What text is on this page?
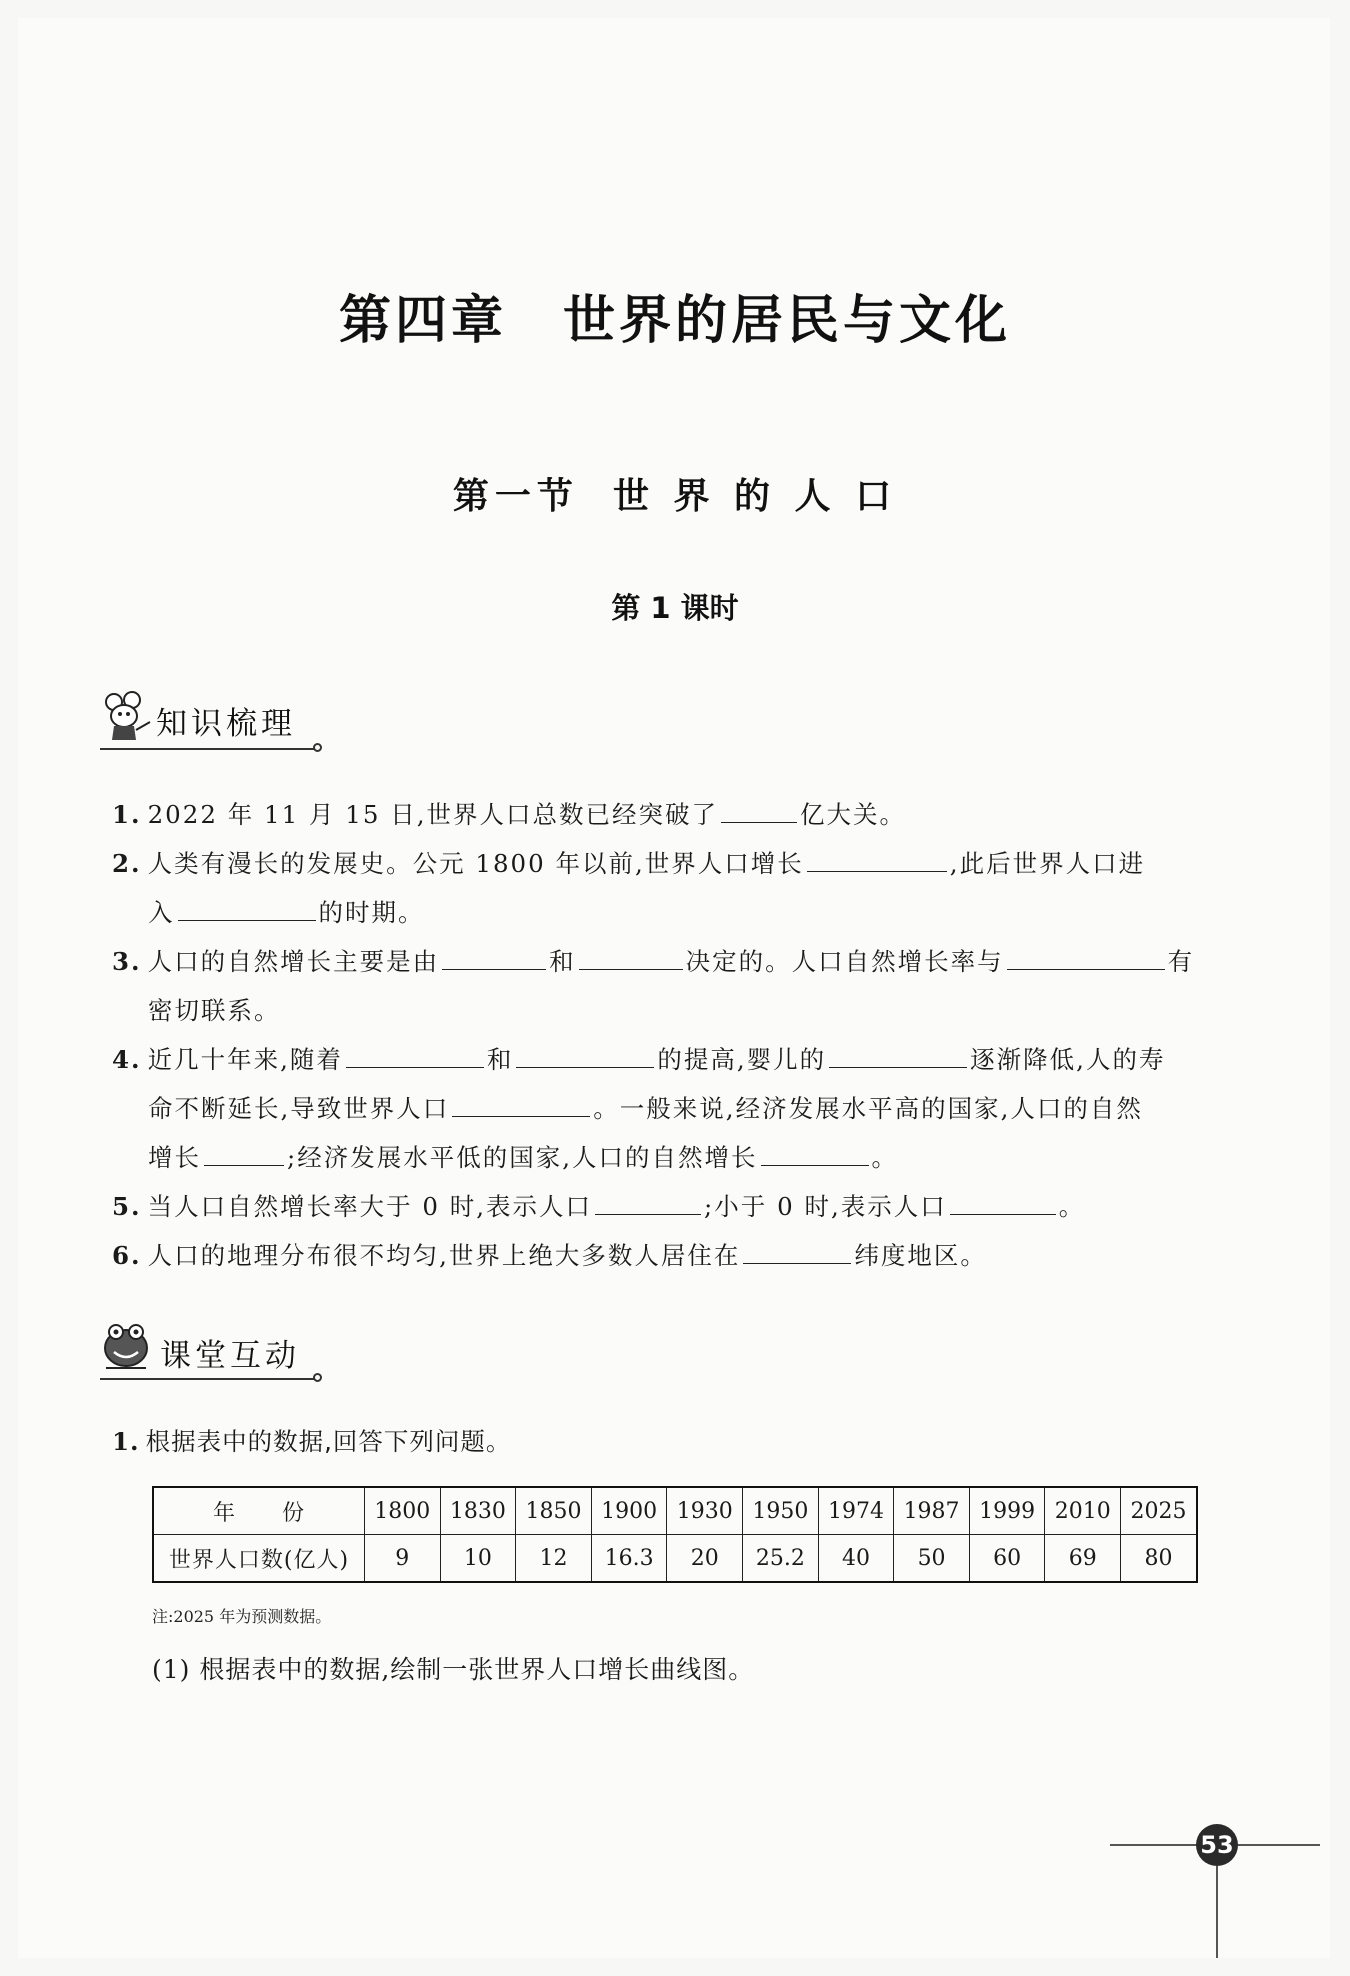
第四章 世界的居民与文化
第一节 世 界 的 人 口
第 1 课时
知识梳理
1. 2022 年 11 月 15 日,世界人口总数已经突破了	亿大关。
2. 人类有漫长的发展史。公元 1800 年以前,世界人口增长	,此后世界人口进
入	的时期。
3. 人口的自然增长主要是由	和	决定的。人口自然增长率与	有
密切联系。
4. 近几十年来,随着	和	的提高,婴儿的	逐渐降低,人的寿
命不断延长,导致世界人口	。一般来说,经济发展水平高的国家,人口的自然
增长	;经济发展水平低的国家,人口的自然增长	。
5. 当人口自然增长率大于 0 时,表示人口	;小于 0 时,表示人口	。
6. 人口的地理分布很不均匀,世界上绝大多数人居住在	纬度地区。
课堂互动
1. 根据表中的数据,回答下列问题。
年　　份	1800	1830	1850	1900	1930	1950	1974	1987	1999	2010	2025
世界人口数(亿人)	9	10	12	16.3	20	25.2	40	50	60	69	80
注:2025 年为预测数据。
(1) 根据表中的数据,绘制一张世界人口增长曲线图。
53
